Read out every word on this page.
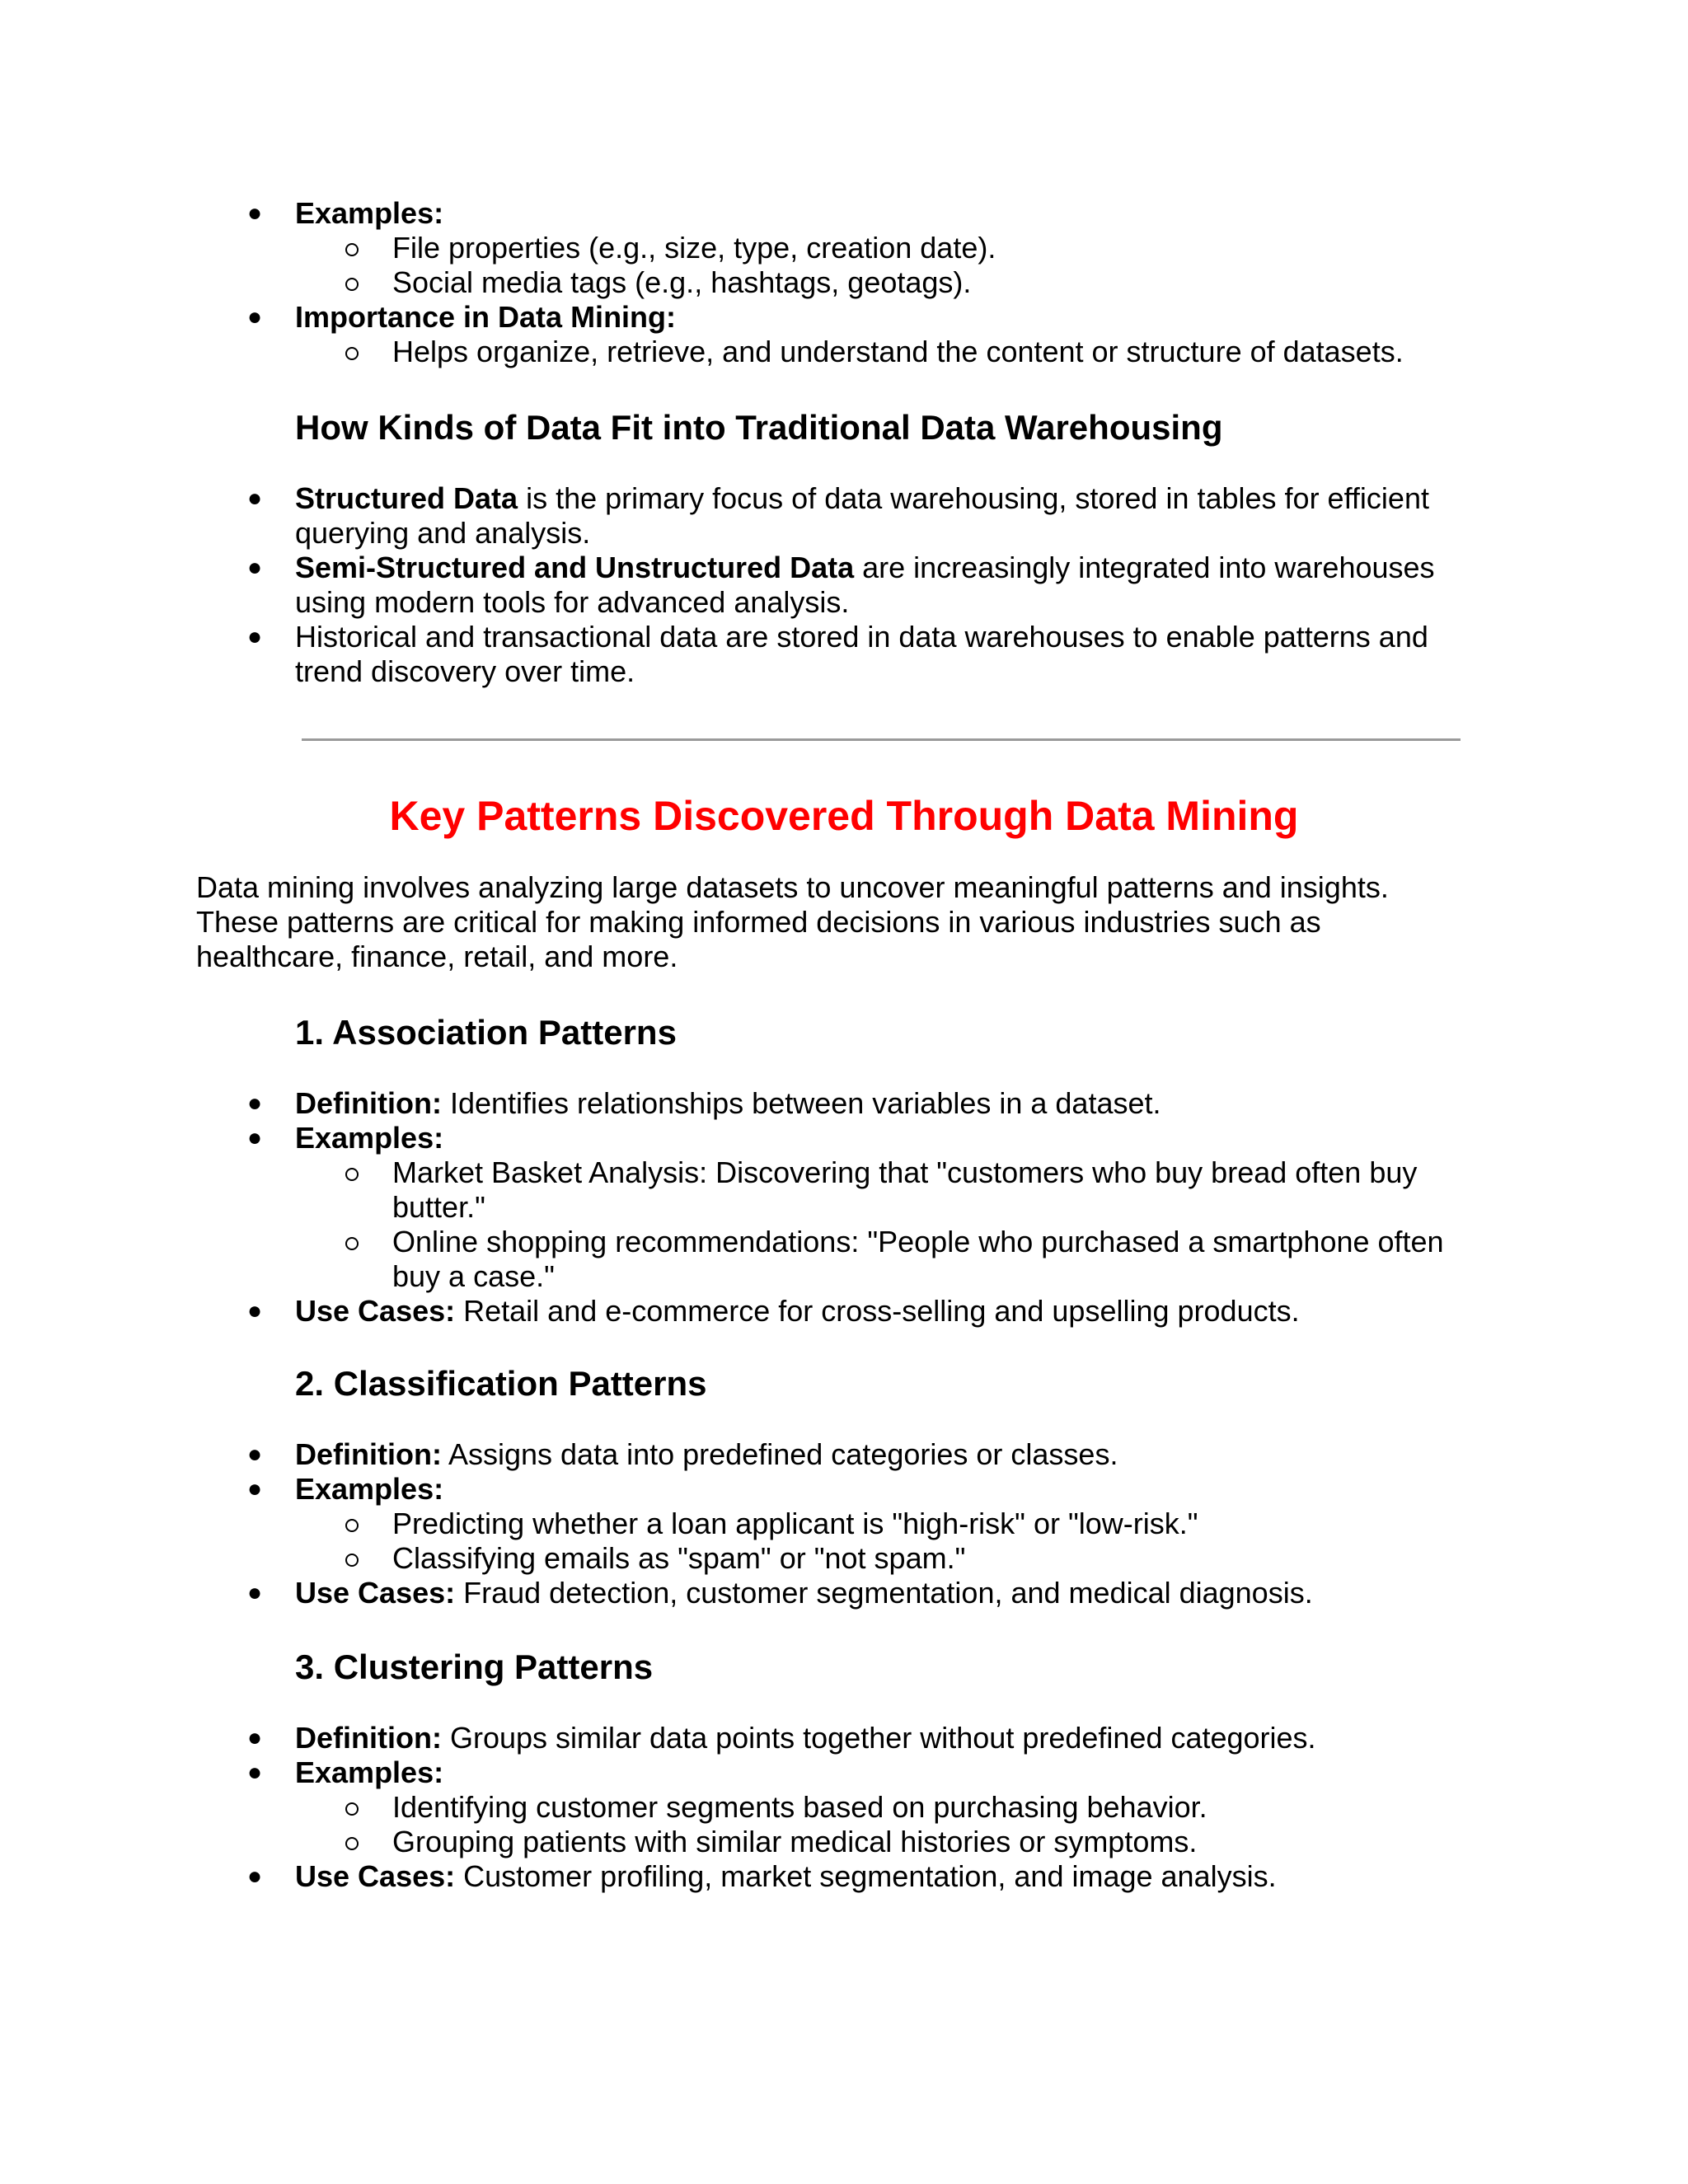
● Examples:
File properties (e.g., size, type, creation date).
Social media tags (e.g., hashtags, geotags).
● Importance in Data Mining:
Helps organize, retrieve, and understand the content or structure of datasets.
How Kinds of Data Fit into Traditional Data Warehousing
● Structured Data is the primary focus of data warehousing, stored in tables for efficient
querying and analysis.
● Semi-Structured and Unstructured Data are increasingly integrated into warehouses
using modern tools for advanced analysis.
● Historical and transactional data are stored in data warehouses to enable patterns and
trend discovery over time.
Key Patterns Discovered Through Data Mining
Data mining involves analyzing large datasets to uncover meaningful patterns and insights.
These patterns are critical for making informed decisions in various industries such as
healthcare, finance, retail, and more.
1. Association Patterns
● Definition: Identifies relationships between variables in a dataset.
● Examples:
Market Basket Analysis: Discovering that "customers who buy bread often buy
butter."
Online shopping recommendations: "People who purchased a smartphone often
buy a case."
● Use Cases: Retail and e-commerce for cross-selling and upselling products.
2. Classification Patterns
● Definition: Assigns data into predefined categories or classes.
● Examples:
Predicting whether a loan applicant is "high-risk" or "low-risk."
Classifying emails as "spam" or "not spam."
● Use Cases: Fraud detection, customer segmentation, and medical diagnosis.
3. Clustering Patterns
● Definition: Groups similar data points together without predefined categories.
● Examples:
Identifying customer segments based on purchasing behavior.
Grouping patients with similar medical histories or symptoms.
● Use Cases: Customer profiling, market segmentation, and image analysis.
